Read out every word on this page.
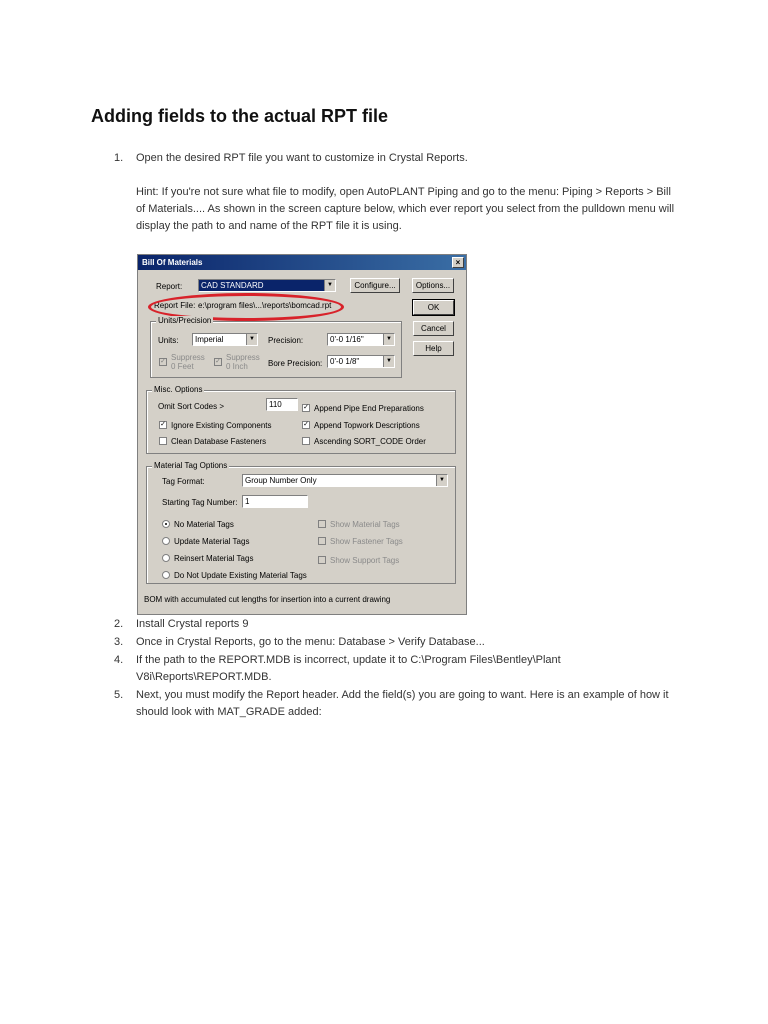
Adding fields to the actual RPT file
1.	Open the desired RPT file you want to customize in Crystal Reports.
Hint: If you're not sure what file to modify, open AutoPLANT Piping and go to the menu: Piping > Reports > Bill of Materials.... As shown in the screen capture below, which ever report you select from the pulldown menu will display the path to and name of the RPT file it is using.
Bill Of Materials	×
Report:	CAD STANDARD	▼	Configure...	Options...
Report File: e:\program files\...\reports\bomcad.rpt	OK
Cancel
Help
Units/Precision
Units:	Imperial	▼ Precision:	0'-0 1/16"	▼
✓ Suppress 0 Feet
✓ Suppress 0 Inch	Bore Precision: 0'-0 1/8"	▼
Misc. Options
Omit Sort Codes >	110	✓ Append Pipe End Preparations
✓ Ignore Existing Components	✓ Append Topwork Descriptions
Clean Database Fasteners	Ascending SORT_CODE Order
Material Tag Options
Tag Format:	Group Number Only	▼
Starting Tag Number: 1
No Material Tags
Update Material Tags
Reinsert Material Tags
Do Not Update Existing Material Tags
Show Material Tags
Show Fastener Tags
Show Support Tags
BOM with accumulated cut lengths for insertion into a current drawing
2.	Install Crystal reports 9
3.	Once in Crystal Reports, go to the menu: Database > Verify Database...
4.	If the path to the REPORT.MDB is incorrect, update it to C:\Program Files\Bentley\Plant V8i\Reports\REPORT.MDB.
5.	Next, you must modify the Report header. Add the field(s) you are going to want. Here is an example of how it should look with MAT_GRADE added:
